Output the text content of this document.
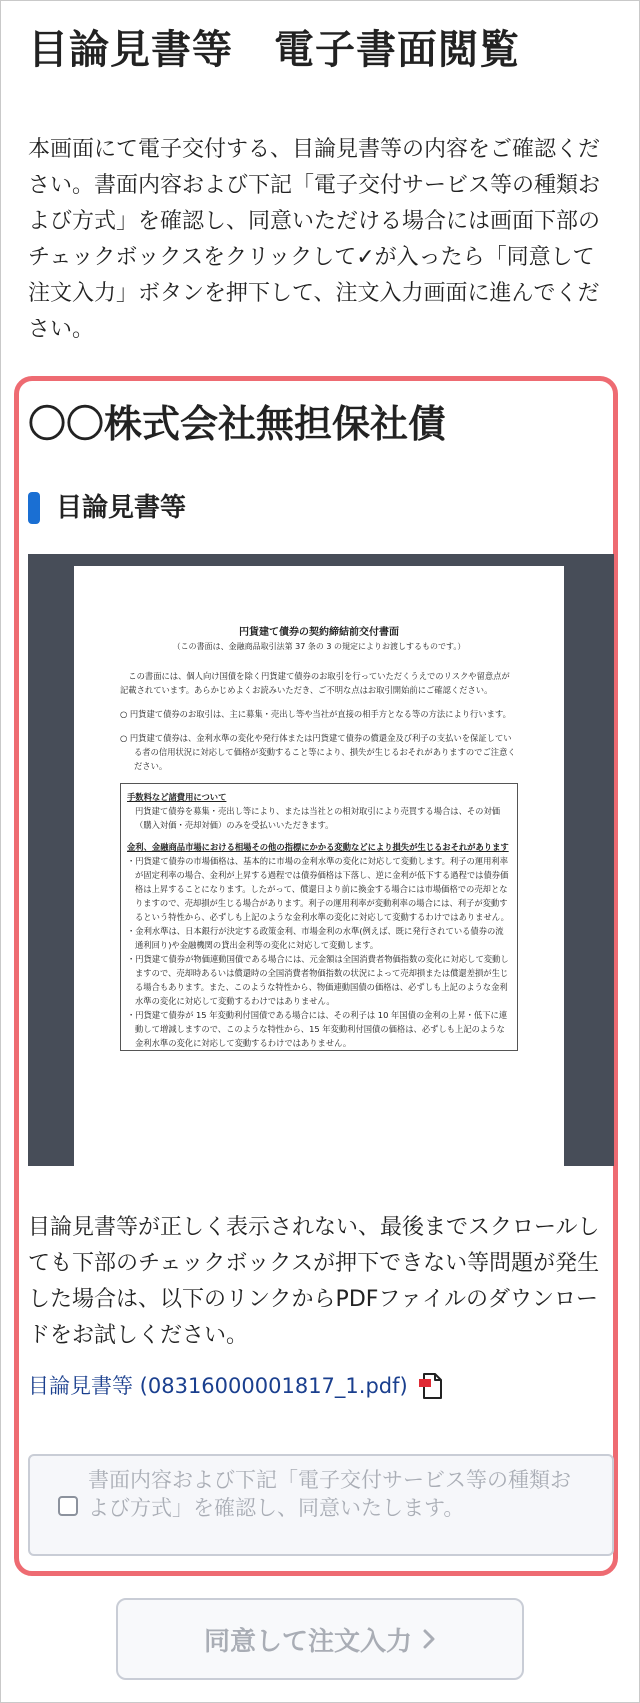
目論見書等　電子書面閲覧

本画面にて電子交付する、目論見書等の内容をご確認ください。書面内容および下記「電子交付サービス等の種類および方式」を確認し、同意いただける場合には画面下部のチェックボックスをクリックして✓が入ったら「同意して注文入力」ボタンを押下して、注文入力画面に進んでください。

〇〇株式会社無担保社債
目論見書等
円貨建て債券の契約締結前交付書面
（この書面は、金融商品取引法第 37 条の 3 の規定によりお渡しするものです。）

この書面には、個人向け国債を除く円貨建て債券のお取引を行っていただくうえでのリスクや留意点が記載されています。あらかじめよくお読みいただき、ご不明な点はお取引開始前にご確認ください。

○ 円貨建て債券のお取引は、主に募集・売出し等や当社が直接の相手方となる等の方法により行います。

○ 円貨建て債券は、金利水準の変化や発行体または円貨建て債券の償還金及び利子の支払いを保証している者の信用状況に対応して価格が変動すること等により、損失が生じるおそれがありますのでご注意ください。

手数料など諸費用について

円貨建て債券を募集・売出し等により、または当社との相対取引により売買する場合は、その対価（購入対価・売却対価）のみを受払いいただきます。

金利、金融商品市場における相場その他の指標にかかる変動などにより損失が生じるおそれがあります

・円貨建て債券の市場価格は、基本的に市場の金利水準の変化に対応して変動します。利子の運用利率が固定利率の場合、金利が上昇する過程では債券価格は下落し、逆に金利が低下する過程では債券価格は上昇することになります。したがって、償還日より前に換金する場合には市場価格での売却となりますので、売却損が生じる場合があります。利子の運用利率が変動利率の場合には、利子が変動するという特性から、必ずしも上記のような金利水準の変化に対応して変動するわけではありません。

・金利水準は、日本銀行が決定する政策金利、市場金利の水準(例えば、既に発行されている債券の流通利回り)や金融機関の貸出金利等の変化に対応して変動します。

・円貨建て債券が物価連動国債である場合には、元金額は全国消費者物価指数の変化に対応して変動しますので、売却時あるいは償還時の全国消費者物価指数の状況によって売却損または償還差損が生じる場合もあります。また、このような特性から、物価連動国債の価格は、必ずしも上記のような金利水準の変化に対応して変動するわけではありません。

・円貨建て債券が 15 年変動利付国債である場合には、その利子は 10 年国債の金利の上昇・低下に連動して増減しますので、このような特性から、15 年変動利付国債の価格は、必ずしも上記のような金利水準の変化に対応して変動するわけではありません。

目論見書等が正しく表示されない、最後までスクロールしても下部のチェックボックスが押下できない等問題が発生した場合は、以下のリンクからPDFファイルのダウンロードをお試しください。

目論見書等 (08316000001817_1.pdf)
書面内容および下記「電子交付サービス等の種類および方式」を確認し、同意いたします。
同意して注文入力
